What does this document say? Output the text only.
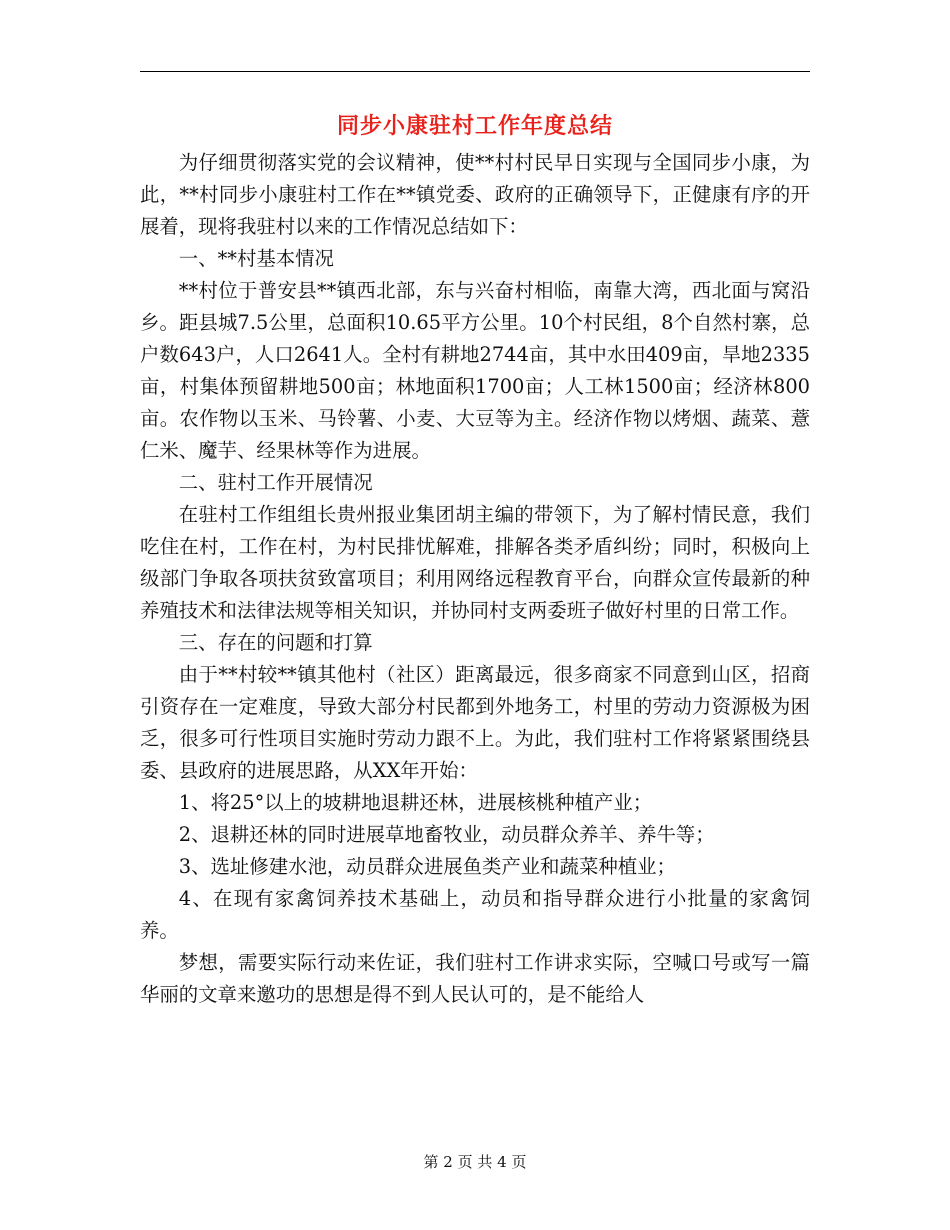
同步小康驻村工作年度总结

为仔细贯彻落实党的会议精神，使**村村民早日实现与全国同步小康，为此，**村同步小康驻村工作在**镇党委、政府的正确领导下，正健康有序的开展着，现将我驻村以来的工作情况总结如下：

一、**村基本情况

**村位于普安县**镇西北部，东与兴奋村相临，南靠大湾，西北面与窝沿乡。距县城7.5公里，总面积10.65平方公里。10个村民组，8个自然村寨，总户数643户，人口2641人。全村有耕地2744亩，其中水田409亩，旱地2335亩，村集体预留耕地500亩；林地面积1700亩；人工林1500亩；经济林800亩。农作物以玉米、马铃薯、小麦、大豆等为主。经济作物以烤烟、蔬菜、薏仁米、魔芋、经果林等作为进展。

二、驻村工作开展情况

在驻村工作组组长贵州报业集团胡主编的带领下，为了解村情民意，我们吃住在村，工作在村，为村民排忧解难，排解各类矛盾纠纷；同时，积极向上级部门争取各项扶贫致富项目；利用网络远程教育平台，向群众宣传最新的种养殖技术和法律法规等相关知识，并协同村支两委班子做好村里的日常工作。

三、存在的问题和打算

由于**村较**镇其他村（社区）距离最远，很多商家不同意到山区，招商引资存在一定难度，导致大部分村民都到外地务工，村里的劳动力资源极为困乏，很多可行性项目实施时劳动力跟不上。为此，我们驻村工作将紧紧围绕县委、县政府的进展思路，从XX年开始：

1、将25°以上的坡耕地退耕还林，进展核桃种植产业；

2、退耕还林的同时进展草地畜牧业，动员群众养羊、养牛等；

3、选址修建水池，动员群众进展鱼类产业和蔬菜种植业；

4、在现有家禽饲养技术基础上，动员和指导群众进行小批量的家禽饲养。

梦想，需要实际行动来佐证，我们驻村工作讲求实际，空喊口号或写一篇华丽的文章来邀功的思想是得不到人民认可的，是不能给人

第 2 页 共 4 页
